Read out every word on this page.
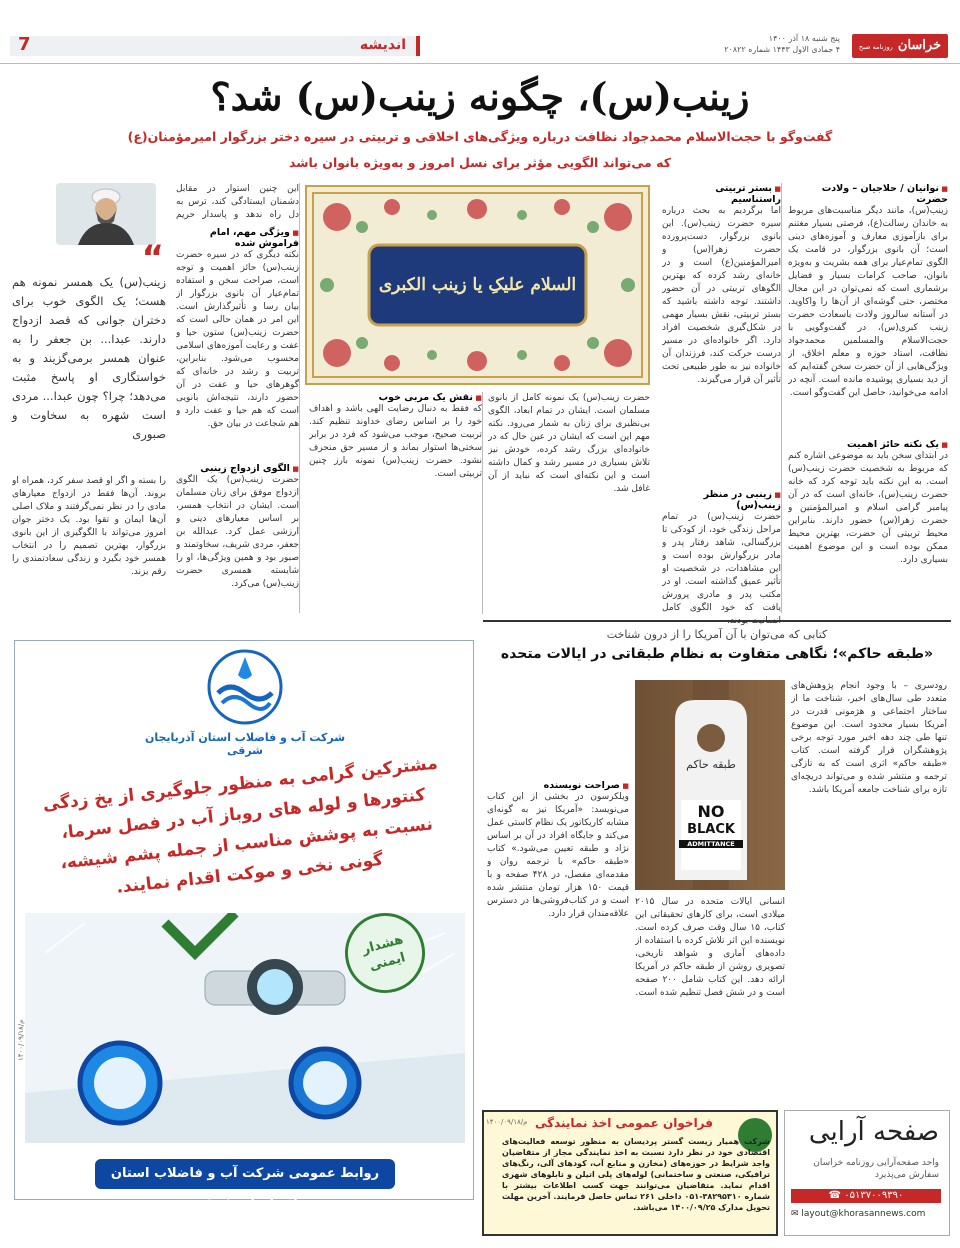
خراسان روزنامه صبح ایران
پنج شنبه ۱۸ آذر ۱۴۰۰
۴ جمادی الاول ۱۴۴۳ شماره ۲۰۸۲۲
اندیشه
7
زینب(س)، چگونه زینب(س) شد؟
گفت‌وگو با حجت‌الاسلام محمدجواد نظافت درباره ویژگی‌های اخلاقی و تربیتی در سیره دختر بزرگوار امیرمؤمنان(ع)
که می‌تواند الگویی مؤثر برای نسل امروز و به‌ویژه بانوان باشد
■ نوانیان / حلاجیان – ولادت حضرت
زینب(س)، مانند دیگر مناسبت‌های مربوط به خاندان رسالت(ع)، فرصتی بسیار مغتنم برای بازآموزی معارف و آموزه‌های دینی است؛ آن بانوی بزرگوار، در قامت یک الگوی تمام‌عیار برای همه بشریت و به‌ویژه بانوان، صاحب کرامات بسیار و فضایل برشماری است که نمی‌توان در این مجال مختصر، حتی گوشه‌ای از آن‌ها را واکاوید. در آستانه سالروز ولادت باسعادت حضرت زینب کبری(س)، در گفت‌وگویی با حجت‌الاسلام والمسلمین محمدجواد نظافت، استاد حوزه و معلم اخلاق، از ویژگی‌هایی از آن حضرت سخن گفته‌ایم که از دید بسیاری پوشیده مانده است. آنچه در ادامه می‌خوانید، حاصل این گفت‌وگو است.
■ یک نکته حائز اهمیت
در ابتدای سخن باید به موضوعی اشاره کنم که مربوط به شخصیت حضرت زینب(س) است. به این نکته باید توجه کرد که خانه حضرت زینب(س)، خانه‌ای است که در آن پیامبر گرامی اسلام و امیرالمؤمنین و حضرت زهرا(س) حضور دارند. بنابراین محیط تربیتی آن حضرت، بهترین محیط ممکن بوده است و این موضوع اهمیت بسیاری دارد.
■ بستر تربیتی راستناسیم
اما برگردیم به بحث درباره سیره حضرت زینب(س). این بانوی بزرگوار، دست‌پرورده حضرت زهرا(س) و امیرالمؤمنین(ع) است و در خانه‌ای رشد کرده که بهترین الگوهای تربیتی در آن حضور داشتند. توجه داشته باشید که بستر تربیتی، نقش بسیار مهمی در شکل‌گیری شخصیت افراد دارد. اگر خانواده‌ای در مسیر درست حرکت کند، فرزندان آن خانواده نیز به طور طبیعی تحت تأثیر آن قرار می‌گیرند.
■ زینبی در منظر زینب(س)
حضرت زینب(س) در تمام مراحل زندگی خود، از کودکی تا بزرگسالی، شاهد رفتار پدر و مادر بزرگوارش بوده است و این مشاهدات، در شخصیت او تأثیر عمیق گذاشته است. او در مکتب پدر و مادری پرورش یافت که خود الگوی کامل انسانیت بودند.
السلام علیکِ یا زینب الکبری
حضرت زینب(س) یک نمونه کامل از بانوی مسلمان است. ایشان در تمام ابعاد، الگوی بی‌نظیری برای زنان به شمار می‌رود. نکته مهم این است که ایشان در عین حال که در خانواده‌ای بزرگ رشد کرده، خودش نیز تلاش بسیاری در مسیر رشد و کمال داشته است و این نکته‌ای است که نباید از آن غافل شد.
■ نقش یک مربی خوب
که فقط به دنبال رضایت الهی باشد و اهداف خود را بر اساس رضای خداوند تنظیم کند. تربیت صحیح، موجب می‌شود که فرد در برابر سختی‌ها استوار بماند و از مسیر حق منحرف نشود. حضرت زینب(س) نمونه بارز چنین تربیتی است.
این چنین استوار در مقابل دشمنان ایستادگی کند، ترس به دل راه ندهد و پاسدار حریم
■ ویژگی مهم، امام فراموش شده
نکته دیگری که در سیره حضرت زینب(س) حائز اهمیت و توجه است، صراحت سخن و استفاده تمام‌عیار آن بانوی بزرگوار از بیان رسا و تأثیرگذارش است. این امر در همان حالی است که حضرت زینب(س) ستون حیا و عفت و رعایت آموزه‌های اسلامی محسوب می‌شود. بنابراین، تربیت و رشد در خانه‌ای که گوهرهای حیا و عفت در آن حضور دارند، نتیجه‌اش بانویی است که هم حیا و عفت دارد و هم شجاعت در بیان حق.
■ الگوی ازدواج زینبی
حضرت زینب(س) یک الگوی ازدواج موفق برای زنان مسلمان است. ایشان در انتخاب همسر، بر اساس معیارهای دینی و ارزشی عمل کرد. عبدالله بن جعفر، مردی شریف، سخاوتمند و صبور بود و همین ویژگی‌ها، او را شایسته همسری حضرت زینب(س) می‌کرد.
“
زینب(س) یک همسر نمونه هم هست؛ یک الگوی خوب برای دختران جوانی که قصد ازدواج دارند. عبدا... بن جعفر را به عنوان همسر برمی‌گزیند و به خواستگاری او پاسخ مثبت می‌دهد؛ چرا؟ چون عبدا... مردی است شهره به سخاوت و صبوری
را بسته و اگر او قصد سفر کرد، همراه او بروند. آن‌ها فقط در ازدواج معیارهای مادی را در نظر نمی‌گرفتند و ملاک اصلی آن‌ها ایمان و تقوا بود. یک دختر جوان امروز می‌تواند با الگوگیری از این بانوی بزرگوار، بهترین تصمیم را در انتخاب همسر خود بگیرد و زندگی سعادتمندی را رقم بزند.
کتابی که می‌توان با آن آمریکا را از درون شناخت
«طبقه حاکم»؛ نگاهی متفاوت به نظام طبقاتی در ایالات متحده
رودسری – با وجود انجام پژوهش‌های متعدد طی سال‌های اخیر، شناخت ما از ساختار اجتماعی و هژمونی قدرت در آمریکا بسیار محدود است. این موضوع تنها طی چند دهه اخیر مورد توجه برخی پژوهشگران قرار گرفته است. کتاب «طبقه حاکم» اثری است که به تازگی ترجمه و منتشر شده و می‌تواند دریچه‌ای تازه برای شناخت جامعه آمریکا باشد.
طبقه حاکم
NO
BLACK
ADMITTANCE
انسانی ایالات متحده در سال ۲۰۱۵ میلادی است، برای کارهای تحقیقاتی این کتاب، ۱۵ سال وقت صرف کرده است. نویسنده این اثر تلاش کرده با استفاده از داده‌های آماری و شواهد تاریخی، تصویری روشن از طبقه حاکم در آمریکا ارائه دهد. این کتاب شامل ۲۰۰ صفحه است و در شش فصل تنظیم شده است.
■ صراحت نویسنده
ویلکرسون در بخشی از این کتاب می‌نویسد: «آمریکا نیز به گونه‌ای مشابه کاریکاتور یک نظام کاستی عمل می‌کند و جایگاه افراد در آن بر اساس نژاد و طبقه تعیین می‌شود.» کتاب «طبقه حاکم» با ترجمه روان و مقدمه‌ای مفصل، در ۴۲۸ صفحه و با قیمت ۱۵۰ هزار تومان منتشر شده است و در کتاب‌فروشی‌ها در دسترس علاقه‌مندان قرار دارد.
شرکت آب و فاضلاب استان آذربایجان شرقی
مشترکین گرامی به منظور جلوگیری از یخ زدگی کنتورها و لوله های روباز آب در فصل سرما، نسبت به پوشش مناسب از جمله پشم شیشه، گونی نخی و موکت اقدام نمایند.
هشدار ایمنی
روابط عمومی شرکت آب و فاضلاب استان آذربایجان شرقی
م/۱۴۰۰/۰۹/۱۸
فراخوان عمومی اخذ نمایندگی
شرکت همیار زیست گستر پردیسان به منظور توسعه فعالیت‌های اقتصادی خود در نظر دارد نسبت به اخذ نمایندگی مجاز از متقاضیان واجد شرایط در حوزه‌های (مخازن و منابع آب، کودهای آلی، رنگ‌های ترافیکی، صنعتی و ساختمانی) لوله‌های پلی اتیلن و تابلوهای شهری اقدام نماید. متقاضیان می‌توانند جهت کسب اطلاعات بیشتر با شماره ۳۸۲۹۵۳۱۰-۰۵۱ داخلی ۲۶۱ تماس حاصل فرمایند. آخرین مهلت تحویل مدارک ۱۴۰۰/۰۹/۲۵ می‌باشد.
م/۱۴۰۰/۰۹/۱۸	صفحه آرایی
واحد صفحه‌آرایی روزنامه خراسان سفارش می‌پذیرد
☎ ۰۵۱۳۷۰۰۹۳۹۰
✉ layout@khorasannews.com
